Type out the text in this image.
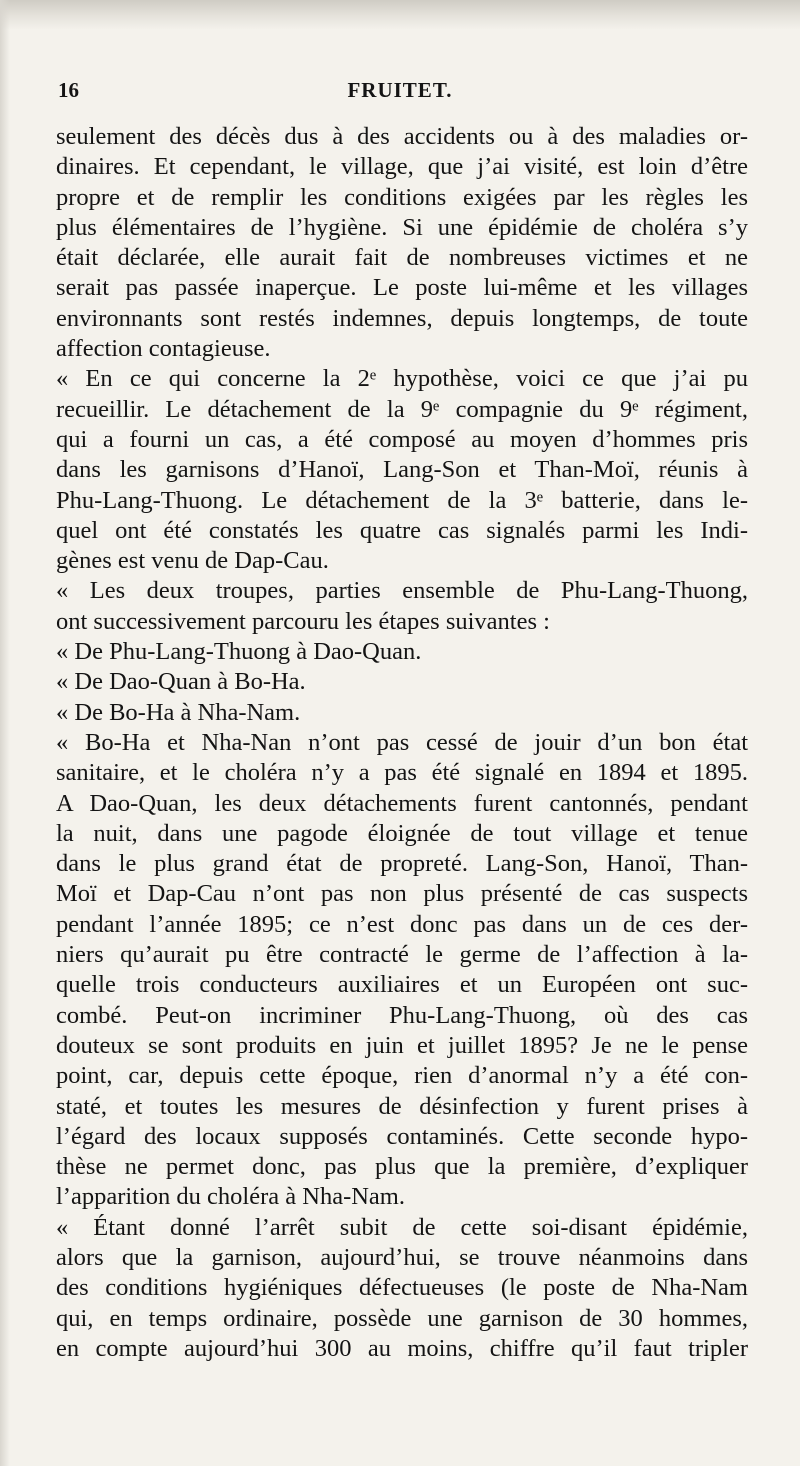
16	FRUITET.
seulement des décès dus à des accidents ou à des maladies or-
dinaires. Et cependant, le village, que j’ai visité, est loin d’être
propre et de remplir les conditions exigées par les règles les
plus élémentaires de l’hygiène. Si une épidémie de choléra s’y
était déclarée, elle aurait fait de nombreuses victimes et ne
serait pas passée inaperçue. Le poste lui-même et les villages
environnants sont restés indemnes, depuis longtemps, de toute
affection contagieuse.
« En ce qui concerne la 2ᵉ hypothèse, voici ce que j’ai pu
recueillir. Le détachement de la 9ᵉ compagnie du 9ᵉ régiment,
qui a fourni un cas, a été composé au moyen d’hommes pris
dans les garnisons d’Hanoï, Lang-Son et Than-Moï, réunis à
Phu-Lang-Thuong. Le détachement de la 3ᵉ batterie, dans le-
quel ont été constatés les quatre cas signalés parmi les Indi-
gènes est venu de Dap-Cau.
« Les deux troupes, parties ensemble de Phu-Lang-Thuong,
ont successivement parcouru les étapes suivantes :
« De Phu-Lang-Thuong à Dao-Quan.
« De Dao-Quan à Bo-Ha.
« De Bo-Ha à Nha-Nam.
« Bo-Ha et Nha-Nan n’ont pas cessé de jouir d’un bon état
sanitaire, et le choléra n’y a pas été signalé en 1894 et 1895.
A Dao-Quan, les deux détachements furent cantonnés, pendant
la nuit, dans une pagode éloignée de tout village et tenue
dans le plus grand état de propreté. Lang-Son, Hanoï, Than-
Moï et Dap-Cau n’ont pas non plus présenté de cas suspects
pendant l’année 1895; ce n’est donc pas dans un de ces der-
niers qu’aurait pu être contracté le germe de l’affection à la-
quelle trois conducteurs auxiliaires et un Européen ont suc-
combé. Peut-on incriminer Phu-Lang-Thuong, où des cas
douteux se sont produits en juin et juillet 1895? Je ne le pense
point, car, depuis cette époque, rien d’anormal n’y a été con-
staté, et toutes les mesures de désinfection y furent prises à
l’égard des locaux supposés contaminés. Cette seconde hypo-
thèse ne permet donc, pas plus que la première, d’expliquer
l’apparition du choléra à Nha-Nam.
« Étant donné l’arrêt subit de cette soi-disant épidémie,
alors que la garnison, aujourd’hui, se trouve néanmoins dans
des conditions hygiéniques défectueuses (le poste de Nha-Nam
qui, en temps ordinaire, possède une garnison de 30 hommes,
en compte aujourd’hui 300 au moins, chiffre qu’il faut tripler
